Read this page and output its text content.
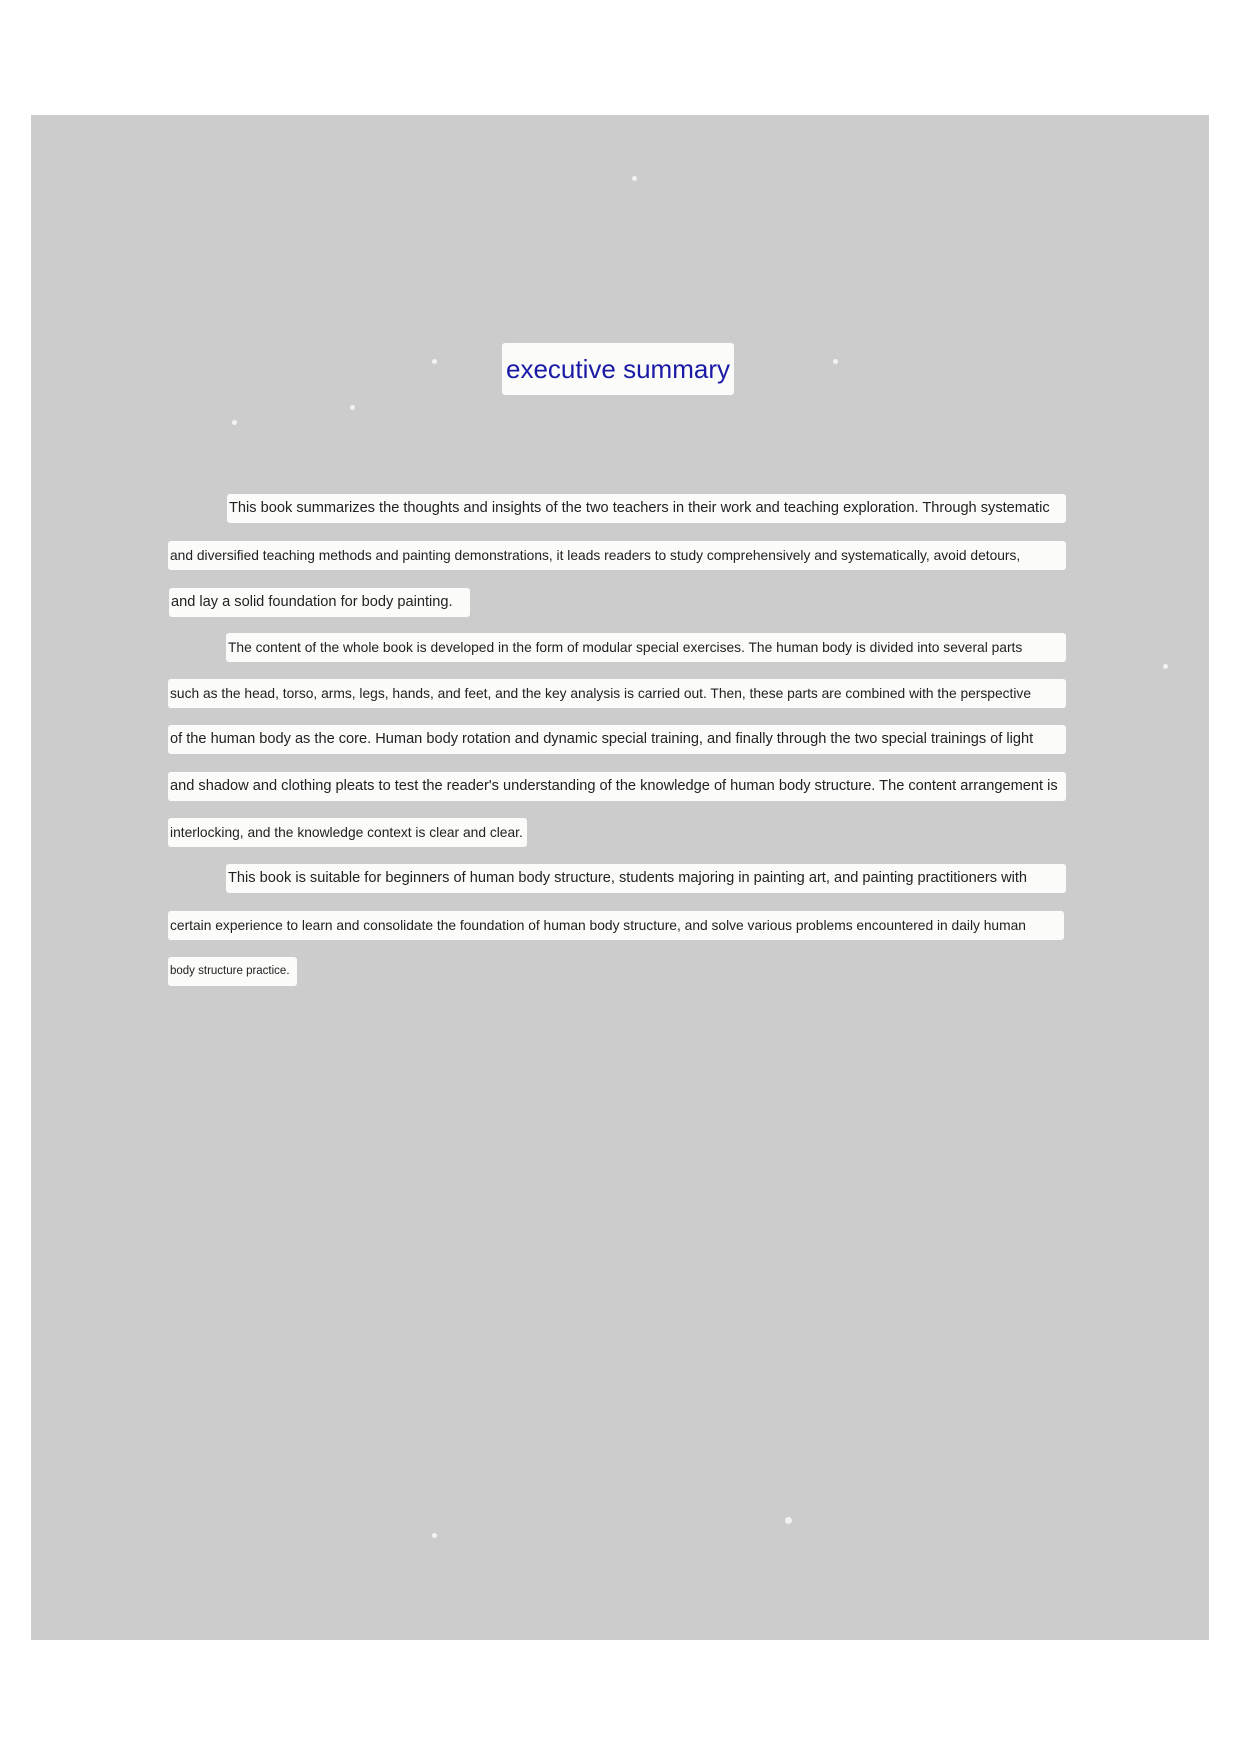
executive summary
This book summarizes the thoughts and insights of the two teachers in their work and teaching exploration. Through systematic
and diversified teaching methods and painting demonstrations, it leads readers to study comprehensively and systematically, avoid detours,
and lay a solid foundation for body painting.
The content of the whole book is developed in the form of modular special exercises. The human body is divided into several parts
such as the head, torso, arms, legs, hands, and feet, and the key analysis is carried out. Then, these parts are combined with the perspective
of the human body as the core. Human body rotation and dynamic special training, and finally through the two special trainings of light
and shadow and clothing pleats to test the reader's understanding of the knowledge of human body structure. The content arrangement is
interlocking, and the knowledge context is clear and clear.
This book is suitable for beginners of human body structure, students majoring in painting art, and painting practitioners with
certain experience to learn and consolidate the foundation of human body structure, and solve various problems encountered in daily human
body structure practice.
